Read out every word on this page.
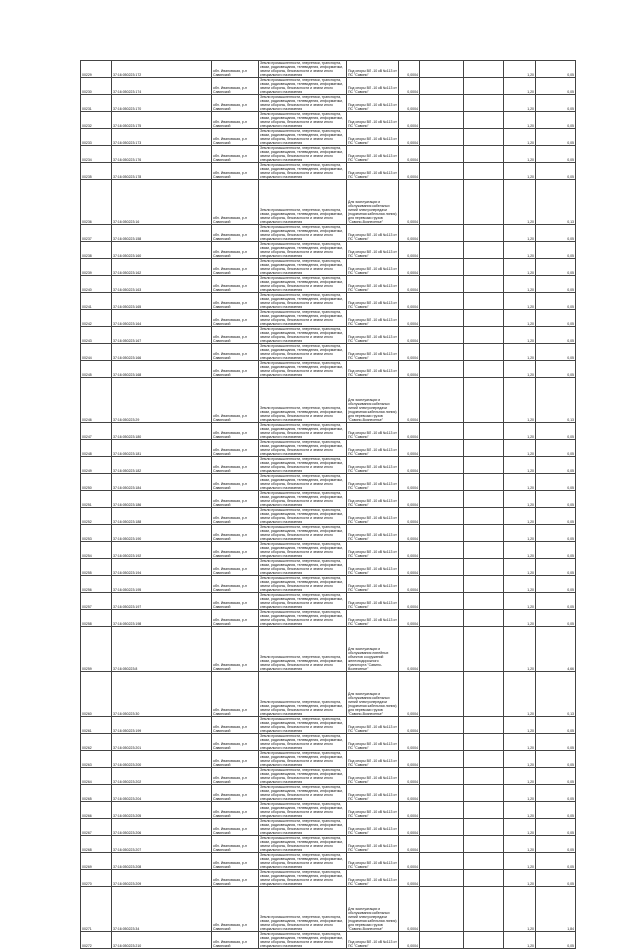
00229	37:16:050223:172	обл. Ивановская, р-н Савинский	Земли промышленности, энергетики, транспорта, связи, радиовещания, телевидения, информатики, земли обороны, безопасности и земли иного специального назначения	Под опоры ВЛ -10 кВ №113 от ПС "Савино"	0,0004			1,20	0,05
00230	37:16:050223:174	обл. Ивановская, р-н Савинский	Земли промышленности, энергетики, транспорта, связи, радиовещания, телевидения, информатики, земли обороны, безопасности и земли иного специального назначения	Под опоры ВЛ -10 кВ №113 от ПС "Савино"	0,0004			1,20	0,05
00231	37:16:050223:170	обл. Ивановская, р-н Савинский	Земли промышленности, энергетики, транспорта, связи, радиовещания, телевидения, информатики, земли обороны, безопасности и земли иного специального назначения	Под опоры ВЛ -10 кВ №113 от ПС "Савино"	0,0004			1,20	0,05
00232	37:16:050223:175	обл. Ивановская, р-н Савинский	Земли промышленности, энергетики, транспорта, связи, радиовещания, телевидения, информатики, земли обороны, безопасности и земли иного специального назначения	Под опоры ВЛ -10 кВ №113 от ПС "Савино"	0,0004			1,20	0,05
00233	37:16:050223:173	обл. Ивановская, р-н Савинский	Земли промышленности, энергетики, транспорта, связи, радиовещания, телевидения, информатики, земли обороны, безопасности и земли иного специального назначения	Под опоры ВЛ -10 кВ №113 от ПС "Савино"	0,0004			1,20	0,05
00234	37:16:050223:176	обл. Ивановская, р-н Савинский	Земли промышленности, энергетики, транспорта, связи, радиовещания, телевидения, информатики, земли обороны, безопасности и земли иного специального назначения	Под опоры ВЛ -10 кВ №113 от ПС "Савино"	0,0004			1,20	0,05
00235	37:16:050223:178	обл. Ивановская, р-н Савинский	Земли промышленности, энергетики, транспорта, связи, радиовещания, телевидения, информатики, земли обороны, безопасности и земли иного специального назначения	Под опоры ВЛ -10 кВ №113 от ПС "Савино"	0,0004			1,20	0,05
00236	37:16:050223:16	обл. Ивановская, р-н Савинский	Земли промышленности, энергетики, транспорта, связи, радиовещания, телевидения, информатики, земли обороны, безопасности и земли иного специального назначения	Для эксплуатации и обслуживания кабельных линий электропередачи (подземная кабельная линия) для перевозки грузов "Савино-Вознесенье"	0,0004			1,20	0,13
00237	37:16:050223:158	обл. Ивановская, р-н Савинский	Земли промышленности, энергетики, транспорта, связи, радиовещания, телевидения, информатики, земли обороны, безопасности и земли иного специального назначения	Под опоры ВЛ -10 кВ №113 от ПС "Савино"	0,0004			1,20	0,05
00238	37:16:050223:160	обл. Ивановская, р-н Савинский	Земли промышленности, энергетики, транспорта, связи, радиовещания, телевидения, информатики, земли обороны, безопасности и земли иного специального назначения	Под опоры ВЛ -10 кВ №113 от ПС "Савино"	0,0004			1,20	0,05
00239	37:16:050223:162	обл. Ивановская, р-н Савинский	Земли промышленности, энергетики, транспорта, связи, радиовещания, телевидения, информатики, земли обороны, безопасности и земли иного специального назначения	Под опоры ВЛ -10 кВ №113 от ПС "Савино"	0,0004			1,20	0,05
00240	37:16:050223:163	обл. Ивановская, р-н Савинский	Земли промышленности, энергетики, транспорта, связи, радиовещания, телевидения, информатики, земли обороны, безопасности и земли иного специального назначения	Под опоры ВЛ -10 кВ №113 от ПС "Савино"	0,0004			1,20	0,05
00241	37:16:050223:165	обл. Ивановская, р-н Савинский	Земли промышленности, энергетики, транспорта, связи, радиовещания, телевидения, информатики, земли обороны, безопасности и земли иного специального назначения	Под опоры ВЛ -10 кВ №113 от ПС "Савино"	0,0004			1,20	0,05
00242	37:16:050223:164	обл. Ивановская, р-н Савинский	Земли промышленности, энергетики, транспорта, связи, радиовещания, телевидения, информатики, земли обороны, безопасности и земли иного специального назначения	Под опоры ВЛ -10 кВ №113 от ПС "Савино"	0,0004			1,20	0,05
00243	37:16:050223:167	обл. Ивановская, р-н Савинский	Земли промышленности, энергетики, транспорта, связи, радиовещания, телевидения, информатики, земли обороны, безопасности и земли иного специального назначения	Под опоры ВЛ -10 кВ №113 от ПС "Савино"	0,0004			1,20	0,05
00244	37:16:050223:166	обл. Ивановская, р-н Савинский	Земли промышленности, энергетики, транспорта, связи, радиовещания, телевидения, информатики, земли обороны, безопасности и земли иного специального назначения	Под опоры ВЛ -10 кВ №113 от ПС "Савино"	0,0004			1,20	0,05
00245	37:16:050223:168	обл. Ивановская, р-н Савинский	Земли промышленности, энергетики, транспорта, связи, радиовещания, телевидения, информатики, земли обороны, безопасности и земли иного специального назначения	Под опоры ВЛ -10 кВ №113 от ПС "Савино"	0,0004			1,20	0,05
00246	37:16:050223:29	обл. Ивановская, р-н Савинский	Земли промышленности, энергетики, транспорта, связи, радиовещания, телевидения, информатики, земли обороны, безопасности и земли иного специального назначения	Для эксплуатации и обслуживания кабельных линий электропередачи (подземная кабельная линия) для перевозки грузов "Савино-Вознесенье"	0,0004			1,20	0,13
00247	37:16:050223:180	обл. Ивановская, р-н Савинский	Земли промышленности, энергетики, транспорта, связи, радиовещания, телевидения, информатики, земли обороны, безопасности и земли иного специального назначения	Под опоры ВЛ -10 кВ №113 от ПС "Савино"	0,0004			1,20	0,05
00248	37:16:050223:181	обл. Ивановская, р-н Савинский	Земли промышленности, энергетики, транспорта, связи, радиовещания, телевидения, информатики, земли обороны, безопасности и земли иного специального назначения	Под опоры ВЛ -10 кВ №113 от ПС "Савино"	0,0004			1,20	0,05
00249	37:16:050223:182	обл. Ивановская, р-н Савинский	Земли промышленности, энергетики, транспорта, связи, радиовещания, телевидения, информатики, земли обороны, безопасности и земли иного специального назначения	Под опоры ВЛ -10 кВ №113 от ПС "Савино"	0,0004			1,20	0,05
00250	37:16:050223:184	обл. Ивановская, р-н Савинский	Земли промышленности, энергетики, транспорта, связи, радиовещания, телевидения, информатики, земли обороны, безопасности и земли иного специального назначения	Под опоры ВЛ -10 кВ №113 от ПС "Савино"	0,0004			1,20	0,05
00251	37:16:050223:186	обл. Ивановская, р-н Савинский	Земли промышленности, энергетики, транспорта, связи, радиовещания, телевидения, информатики, земли обороны, безопасности и земли иного специального назначения	Под опоры ВЛ -10 кВ №113 от ПС "Савино"	0,0004			1,20	0,05
00252	37:16:050223:188	обл. Ивановская, р-н Савинский	Земли промышленности, энергетики, транспорта, связи, радиовещания, телевидения, информатики, земли обороны, безопасности и земли иного специального назначения	Под опоры ВЛ -10 кВ №113 от ПС "Савино"	0,0004			1,20	0,05
00253	37:16:050223:190	обл. Ивановская, р-н Савинский	Земли промышленности, энергетики, транспорта, связи, радиовещания, телевидения, информатики, земли обороны, безопасности и земли иного специального назначения	Под опоры ВЛ -10 кВ №113 от ПС "Савино"	0,0004			1,20	0,05
00254	37:16:050223:192	обл. Ивановская, р-н Савинский	Земли промышленности, энергетики, транспорта, связи, радиовещания, телевидения, информатики, земли обороны, безопасности и земли иного специального назначения	Под опоры ВЛ -10 кВ №113 от ПС "Савино"	0,0004			1,20	0,05
00255	37:16:050223:194	обл. Ивановская, р-н Савинский	Земли промышленности, энергетики, транспорта, связи, радиовещания, телевидения, информатики, земли обороны, безопасности и земли иного специального назначения	Под опоры ВЛ -10 кВ №113 от ПС "Савино"	0,0004			1,20	0,05
00256	37:16:050223:195	обл. Ивановская, р-н Савинский	Земли промышленности, энергетики, транспорта, связи, радиовещания, телевидения, информатики, земли обороны, безопасности и земли иного специального назначения	Под опоры ВЛ -10 кВ №113 от ПС "Савино"	0,0004			1,20	0,05
00257	37:16:050223:197	обл. Ивановская, р-н Савинский	Земли промышленности, энергетики, транспорта, связи, радиовещания, телевидения, информатики, земли обороны, безопасности и земли иного специального назначения	Под опоры ВЛ -10 кВ №113 от ПС "Савино"	0,0004			1,20	0,05
00258	37:16:050223:198	обл. Ивановская, р-н Савинский	Земли промышленности, энергетики, транспорта, связи, радиовещания, телевидения, информатики, земли обороны, безопасности и земли иного специального назначения	Под опоры ВЛ -10 кВ №113 от ПС "Савино"	0,0004			1,20	0,05
00259	37:16:050223:8	обл. Ивановская, р-н Савинский	Земли промышленности, энергетики, транспорта, связи, радиовещания, телевидения, информатики, земли обороны, безопасности и земли иного специального назначения	Для эксплуатации и обслуживания линейных объектов сооружений железнодорожного транспорта "Савино-Вознесенье"	0,0004			1,20	4,66
00260	37:16:050223:30	обл. Ивановская, р-н Савинский	Земли промышленности, энергетики, транспорта, связи, радиовещания, телевидения, информатики, земли обороны, безопасности и земли иного специального назначения	Для эксплуатации и обслуживания кабельных линий электропередачи (подземная кабельная линия) для перевозки грузов "Савино-Вознесенье"	0,0004			1,20	0,13
00261	37:16:050223:199	обл. Ивановская, р-н Савинский	Земли промышленности, энергетики, транспорта, связи, радиовещания, телевидения, информатики, земли обороны, безопасности и земли иного специального назначения	Под опоры ВЛ -10 кВ №113 от ПС "Савино"	0,0004			1,20	0,05
00262	37:16:050223:201	обл. Ивановская, р-н Савинский	Земли промышленности, энергетики, транспорта, связи, радиовещания, телевидения, информатики, земли обороны, безопасности и земли иного специального назначения	Под опоры ВЛ -10 кВ №113 от ПС "Савино"	0,0004			1,20	0,05
00263	37:16:050223:200	обл. Ивановская, р-н Савинский	Земли промышленности, энергетики, транспорта, связи, радиовещания, телевидения, информатики, земли обороны, безопасности и земли иного специального назначения	Под опоры ВЛ -10 кВ №113 от ПС "Савино"	0,0004			1,20	0,05
00264	37:16:050223:202	обл. Ивановская, р-н Савинский	Земли промышленности, энергетики, транспорта, связи, радиовещания, телевидения, информатики, земли обороны, безопасности и земли иного специального назначения	Под опоры ВЛ -10 кВ №113 от ПС "Савино"	0,0004			1,20	0,05
00265	37:16:050223:204	обл. Ивановская, р-н Савинский	Земли промышленности, энергетики, транспорта, связи, радиовещания, телевидения, информатики, земли обороны, безопасности и земли иного специального назначения	Под опоры ВЛ -10 кВ №113 от ПС "Савино"	0,0004			1,20	0,05
00266	37:16:050223:205	обл. Ивановская, р-н Савинский	Земли промышленности, энергетики, транспорта, связи, радиовещания, телевидения, информатики, земли обороны, безопасности и земли иного специального назначения	Под опоры ВЛ -10 кВ №113 от ПС "Савино"	0,0004			1,20	0,05
00267	37:16:050223:206	обл. Ивановская, р-н Савинский	Земли промышленности, энергетики, транспорта, связи, радиовещания, телевидения, информатики, земли обороны, безопасности и земли иного специального назначения	Под опоры ВЛ -10 кВ №113 от ПС "Савино"	0,0004			1,20	0,05
00268	37:16:050223:207	обл. Ивановская, р-н Савинский	Земли промышленности, энергетики, транспорта, связи, радиовещания, телевидения, информатики, земли обороны, безопасности и земли иного специального назначения	Под опоры ВЛ -10 кВ №113 от ПС "Савино"	0,0004			1,20	0,05
00269	37:16:050223:208	обл. Ивановская, р-н Савинский	Земли промышленности, энергетики, транспорта, связи, радиовещания, телевидения, информатики, земли обороны, безопасности и земли иного специального назначения	Под опоры ВЛ -10 кВ №113 от ПС "Савино"	0,0004			1,20	0,05
00270	37:16:050223:209	обл. Ивановская, р-н Савинский	Земли промышленности, энергетики, транспорта, связи, радиовещания, телевидения, информатики, земли обороны, безопасности и земли иного специального назначения	Под опоры ВЛ -10 кВ №113 от ПС "Савино"	0,0004			1,20	0,05
00271	37:16:050223:34	обл. Ивановская, р-н Савинский	Земли промышленности, энергетики, транспорта, связи, радиовещания, телевидения, информатики, земли обороны, безопасности и земли иного специального назначения	Для эксплуатации и обслуживания кабельных линий электропередачи (подземная кабельная линия) для перевозки грузов "Савино-Вознесенье"	0,0004			1,20	1,84
00272	37:16:050223:210	обл. Ивановская, р-н Савинский	Земли промышленности, энергетики, транспорта, связи, радиовещания, телевидения, информатики, земли обороны, безопасности и земли иного специального назначения	Под опоры ВЛ -10 кВ №113 от ПС "Савино"	0,0004			1,20	0,05
